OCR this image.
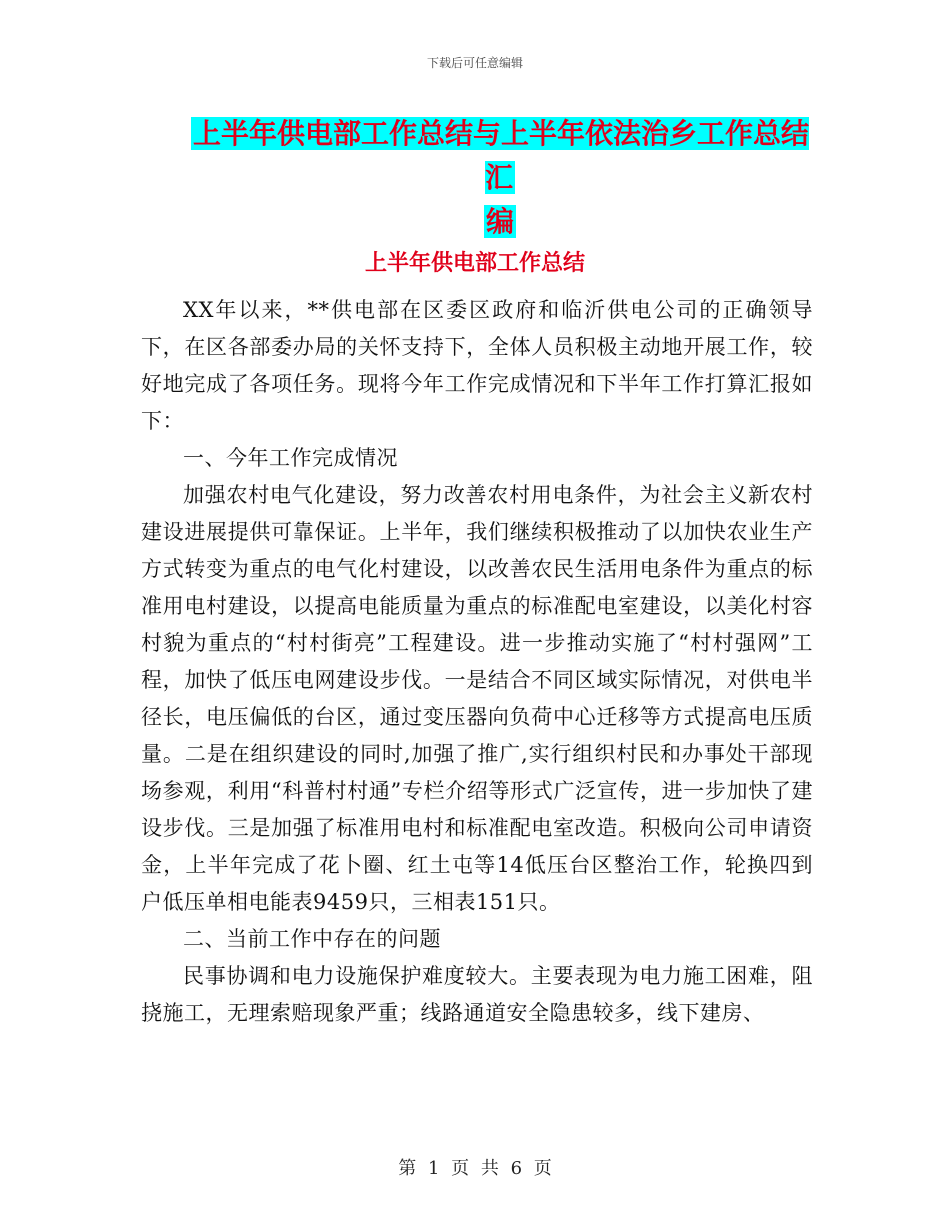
下载后可任意编辑
上半年供电部工作总结与上半年依法治乡工作总结汇
编
上半年供电部工作总结

XX年以来，**供电部在区委区政府和临沂供电公司的正确领导下，在区各部委办局的关怀支持下，全体人员积极主动地开展工作，较好地完成了各项任务。现将今年工作完成情况和下半年工作打算汇报如下：

一、今年工作完成情况

加强农村电气化建设，努力改善农村用电条件，为社会主义新农村建设进展提供可靠保证。上半年，我们继续积极推动了以加快农业生产方式转变为重点的电气化村建设，以改善农民生活用电条件为重点的标准用电村建设，以提高电能质量为重点的标准配电室建设，以美化村容村貌为重点的“村村街亮”工程建设。进一步推动实施了“村村强网”工程，加快了低压电网建设步伐。一是结合不同区域实际情况，对供电半径长，电压偏低的台区，通过变压器向负荷中心迁移等方式提高电压质量。二是在组织建设的同时,加强了推广,实行组织村民和办事处干部现场参观，利用“科普村村通”专栏介绍等形式广泛宣传，进一步加快了建设步伐。三是加强了标准用电村和标准配电室改造。积极向公司申请资金，上半年完成了花卜圈、红土屯等14低压台区整治工作，轮换四到户低压单相电能表9459只，三相表151只。

二、当前工作中存在的问题

民事协调和电力设施保护难度较大。主要表现为电力施工困难，阻挠施工，无理索赔现象严重；线路通道安全隐患较多，线下建房、

第 1 页 共 6 页
